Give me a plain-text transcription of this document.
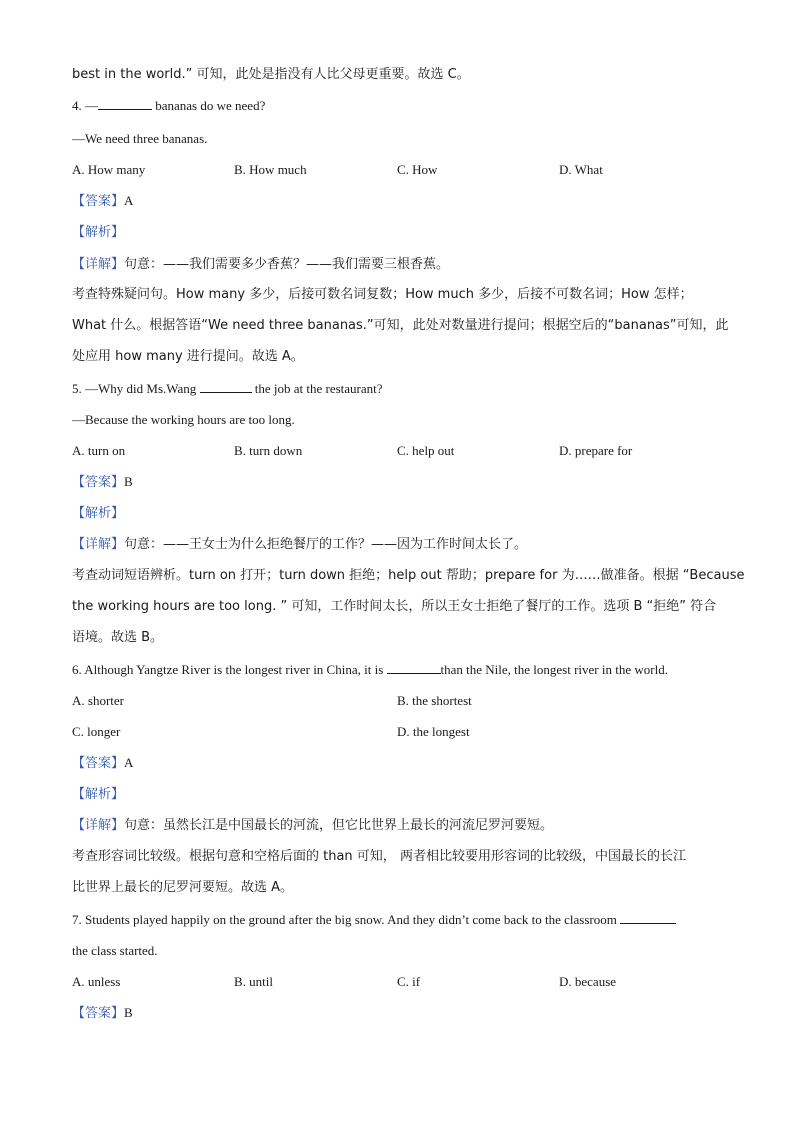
best in the world.” 可知，此处是指没有人比父母更重要。故选 C。
4. —	bananas do we need?
—We need three bananas.
A. How many	B. How much	C. How	D. What
【答案】A
【解析】
【详解】句意：——我们需要多少香蕉？——我们需要三根香蕉。
考查特殊疑问句。How many 多少，后接可数名词复数；How much 多少，后接不可数名词；How 怎样；
What 什么。根据答语“We need three bananas.”可知，此处对数量进行提问；根据空后的“bananas”可知，此
处应用 how many 进行提问。故选 A。
5. —Why did Ms.Wang	the job at the restaurant?
—Because the working hours are too long.
A. turn on	B. turn down	C. help out	D. prepare for
【答案】B
【解析】
【详解】句意：——王女士为什么拒绝餐厅的工作？——因为工作时间太长了。
考查动词短语辨析。turn on 打开；turn down 拒绝；help out 帮助；prepare for 为……做准备。根据 “Because
the working hours are too long. ” 可知，工作时间太长，所以王女士拒绝了餐厅的工作。选项 B “拒绝” 符合
语境。故选 B。
6. Although Yangtze River is the longest river in China, it is	than the Nile, the longest river in the world.
A. shorter	B. the shortest
C. longer	D. the longest
【答案】A
【解析】
【详解】句意：虽然长江是中国最长的河流，但它比世界上最长的河流尼罗河要短。
考查形容词比较级。根据句意和空格后面的 than 可知， 两者相比较要用形容词的比较级，中国最长的长江
比世界上最长的尼罗河要短。故选 A。
7. Students played happily on the ground after the big snow. And they didn’t come back to the classroom
the class started.
A. unless	B. until	C. if	D. because
【答案】B
